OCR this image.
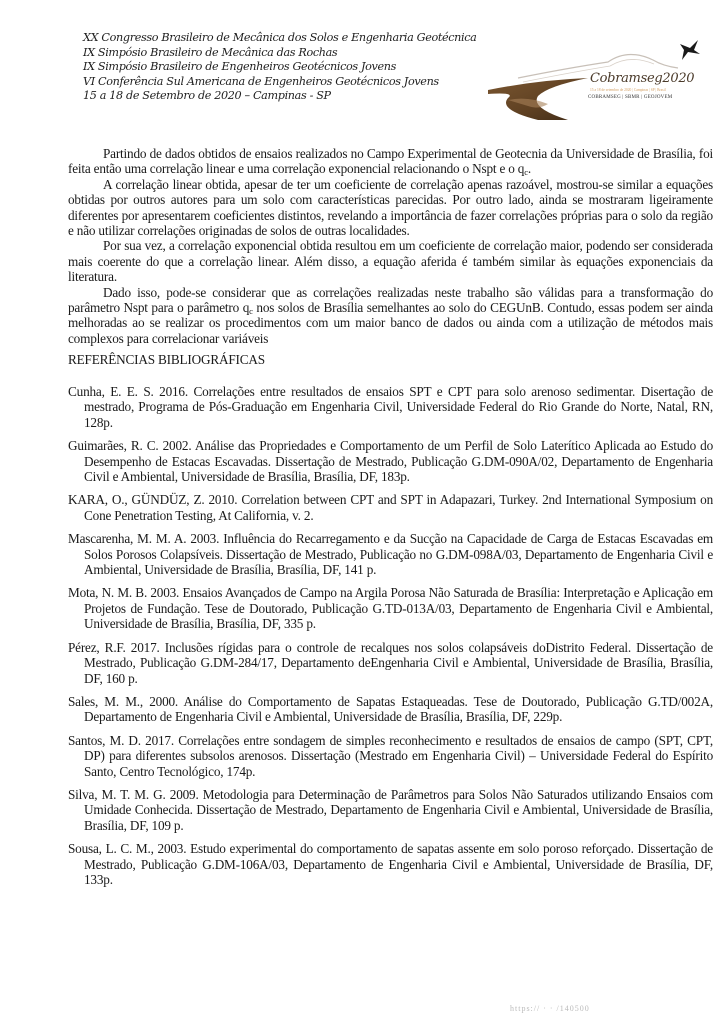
XX Congresso Brasileiro de Mecânica dos Solos e Engenharia Geotécnica
IX Simpósio Brasileiro de Mecânica das Rochas
IX Simpósio Brasileiro de Engenheiros Geotécnicos Jovens
VI Conferência Sul Americana de Engenheiros Geotécnicos Jovens
15 a 18 de Setembro de 2020 – Campinas - SP
Cobramseg2020
15 a 18 de setembro de 2020 | Campinas | SP | Brasil
COBRAMSEG | SBMR | GEOJOVEM

Partindo de dados obtidos de ensaios realizados no Campo Experimental de Geotecnia da Universidade de Brasília, foi feita então uma correlação linear e uma correlação exponencial relacionando o Nspt e o $q_c$.

A correlação linear obtida, apesar de ter um coeficiente de correlação apenas razoável, mostrou-se similar a equações obtidas por outros autores para um solo com características parecidas. Por outro lado, ainda se mostraram ligeiramente diferentes por apresentarem coeficientes distintos, revelando a importância de fazer correlações próprias para o solo da região e não utilizar correlações originadas de solos de outras localidades.

Por sua vez, a correlação exponencial obtida resultou em um coeficiente de correlação maior, podendo ser considerada mais coerente do que a correlação linear. Além disso, a equação aferida é também similar às equações exponenciais da literatura.

Dado isso, pode-se considerar que as correlações realizadas neste trabalho são válidas para a transformação do parâmetro Nspt para o parâmetro $q_c$ nos solos de Brasília semelhantes ao solo do CEGUnB. Contudo, essas podem ser ainda melhoradas ao se realizar os procedimentos com um maior banco de dados ou ainda com a utilização de métodos mais complexos para correlacionar variáveis

REFERÊNCIAS BIBLIOGRÁFICAS

Cunha, E. E. S. 2016. Correlações entre resultados de ensaios SPT e CPT para solo arenoso sedimentar. Disertação de mestrado, Programa de Pós-Graduação em Engenharia Civil, Universidade Federal do Rio Grande do Norte, Natal, RN, 128p.

Guimarães, R. C. 2002. Análise das Propriedades e Comportamento de um Perfil de Solo Laterítico Aplicada ao Estudo do Desempenho de Estacas Escavadas. Dissertação de Mestrado, Publicação G.DM-090A/02, Departamento de Engenharia Civil e Ambiental, Universidade de Brasília, Brasília, DF, 183p.

KARA, O., GÜNDÜZ, Z. 2010. Correlation between CPT and SPT in Adapazari, Turkey. 2nd International Symposium on Cone Penetration Testing, At California, v. 2.

Mascarenha, M. M. A. 2003. Influência do Recarregamento e da Sucção na Capacidade de Carga de Estacas Escavadas em Solos Porosos Colapsíveis. Dissertação de Mestrado, Publicação no G.DM-098A/03, Departamento de Engenharia Civil e Ambiental, Universidade de Brasília, Brasília, DF, 141 p.

Mota, N. M. B. 2003. Ensaios Avançados de Campo na Argila Porosa Não Saturada de Brasília: Interpretação e Aplicação em Projetos de Fundação. Tese de Doutorado, Publicação G.TD-013A/03, Departamento de Engenharia Civil e Ambiental, Universidade de Brasília, Brasília, DF, 335 p.

Pérez, R.F. 2017. Inclusões rígidas para o controle de recalques nos solos colapsáveis doDistrito Federal. Dissertação de Mestrado, Publicação G.DM-284/17, Departamento deEngenharia Civil e Ambiental, Universidade de Brasília, Brasília, DF, 160 p.

Sales, M. M., 2000. Análise do Comportamento de Sapatas Estaqueadas. Tese de Doutorado, Publicação G.TD/002A, Departamento de Engenharia Civil e Ambiental, Universidade de Brasília, Brasília, DF, 229p.

Santos, M. D. 2017. Correlações entre sondagem de simples reconhecimento e resultados de ensaios de campo (SPT, CPT, DP) para diferentes subsolos arenosos. Dissertação (Mestrado em Engenharia Civil) – Universidade Federal do Espírito Santo, Centro Tecnológico, 174p.

Silva, M. T. M. G. 2009. Metodologia para Determinação de Parâmetros para Solos Não Saturados utilizando Ensaios com Umidade Conhecida. Dissertação de Mestrado, Departamento de Engenharia Civil e Ambiental, Universidade de Brasília, Brasília, DF, 109 p.

Sousa, L. C. M., 2003. Estudo experimental do comportamento de sapatas assente em solo poroso reforçado. Dissertação de Mestrado, Publicação G.DM-106A/03, Departamento de Engenharia Civil e Ambiental, Universidade de Brasília, DF, 133p.

https:// · · /140500
